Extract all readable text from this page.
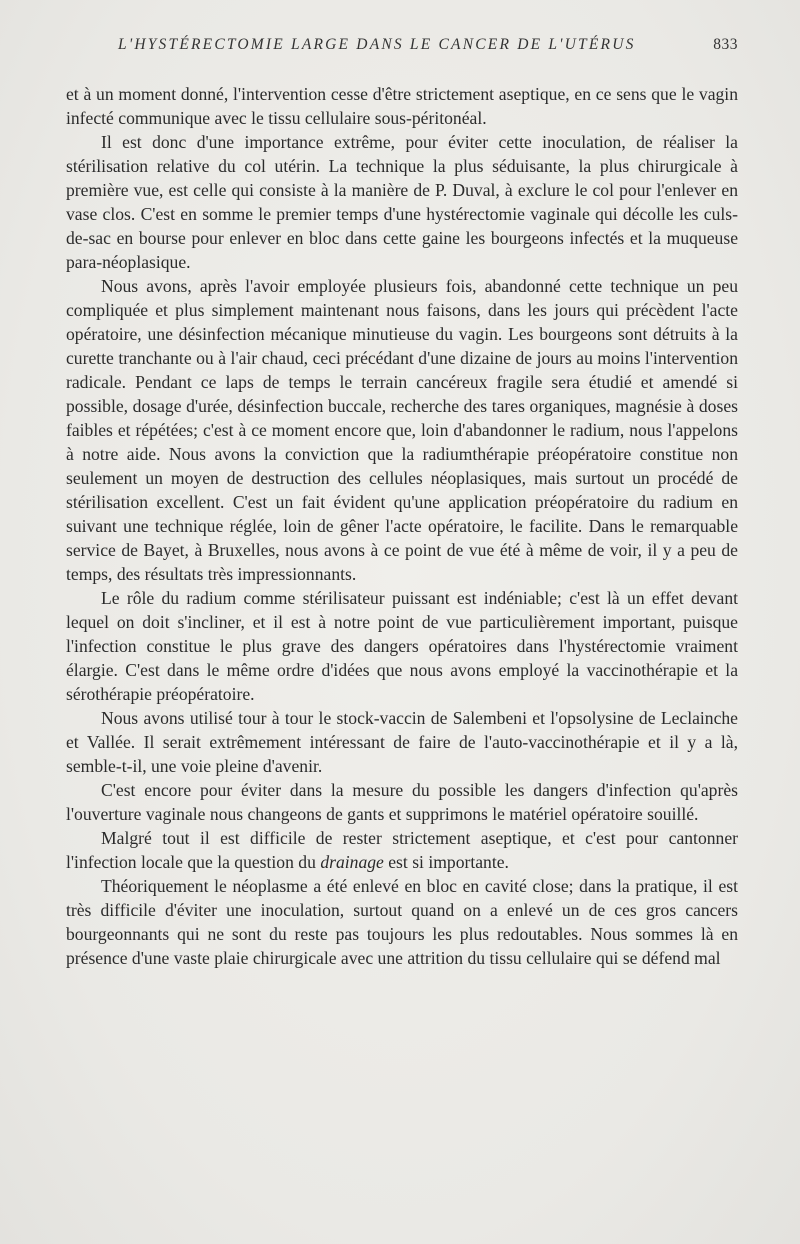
L'HYSTÉRECTOMIE LARGE DANS LE CANCER DE L'UTÉRUS	833

et à un moment donné, l'intervention cesse d'être strictement aseptique, en ce sens que le vagin infecté communique avec le tissu cellulaire sous-péritonéal.

Il est donc d'une importance extrême, pour éviter cette inoculation, de réaliser la stérilisation relative du col utérin. La technique la plus séduisante, la plus chirurgicale à première vue, est celle qui consiste à la manière de P. Duval, à exclure le col pour l'enlever en vase clos. C'est en somme le premier temps d'une hystérectomie vaginale qui décolle les culs-de-sac en bourse pour enlever en bloc dans cette gaine les bourgeons infectés et la muqueuse para-néoplasique.

Nous avons, après l'avoir employée plusieurs fois, abandonné cette technique un peu compliquée et plus simplement maintenant nous faisons, dans les jours qui précèdent l'acte opératoire, une désinfection mécanique minutieuse du vagin. Les bourgeons sont détruits à la curette tranchante ou à l'air chaud, ceci précédant d'une dizaine de jours au moins l'intervention radicale. Pendant ce laps de temps le terrain cancéreux fragile sera étudié et amendé si possible, dosage d'urée, désinfection buccale, recherche des tares organiques, magnésie à doses faibles et répétées; c'est à ce moment encore que, loin d'abandonner le radium, nous l'appelons à notre aide. Nous avons la conviction que la radiumthérapie préopératoire constitue non seulement un moyen de destruction des cellules néoplasiques, mais surtout un procédé de stérilisation excellent. C'est un fait évident qu'une application préopératoire du radium en suivant une technique réglée, loin de gêner l'acte opératoire, le facilite. Dans le remarquable service de Bayet, à Bruxelles, nous avons à ce point de vue été à même de voir, il y a peu de temps, des résultats très impressionnants.

Le rôle du radium comme stérilisateur puissant est indéniable; c'est là un effet devant lequel on doit s'incliner, et il est à notre point de vue particulièrement important, puisque l'infection constitue le plus grave des dangers opératoires dans l'hystérectomie vraiment élargie. C'est dans le même ordre d'idées que nous avons employé la vaccinothérapie et la sérothérapie préopératoire.

Nous avons utilisé tour à tour le stock-vaccin de Salembeni et l'opsolysine de Leclainche et Vallée. Il serait extrêmement intéressant de faire de l'auto-vaccinothérapie et il y a là, semble-t-il, une voie pleine d'avenir.

C'est encore pour éviter dans la mesure du possible les dangers d'infection qu'après l'ouverture vaginale nous changeons de gants et supprimons le matériel opératoire souillé.

Malgré tout il est difficile de rester strictement aseptique, et c'est pour cantonner l'infection locale que la question du drainage est si importante.

Théoriquement le néoplasme a été enlevé en bloc en cavité close; dans la pratique, il est très difficile d'éviter une inoculation, surtout quand on a enlevé un de ces gros cancers bourgeonnants qui ne sont du reste pas toujours les plus redoutables. Nous sommes là en présence d'une vaste plaie chirurgicale avec une attrition du tissu cellulaire qui se défend mal
